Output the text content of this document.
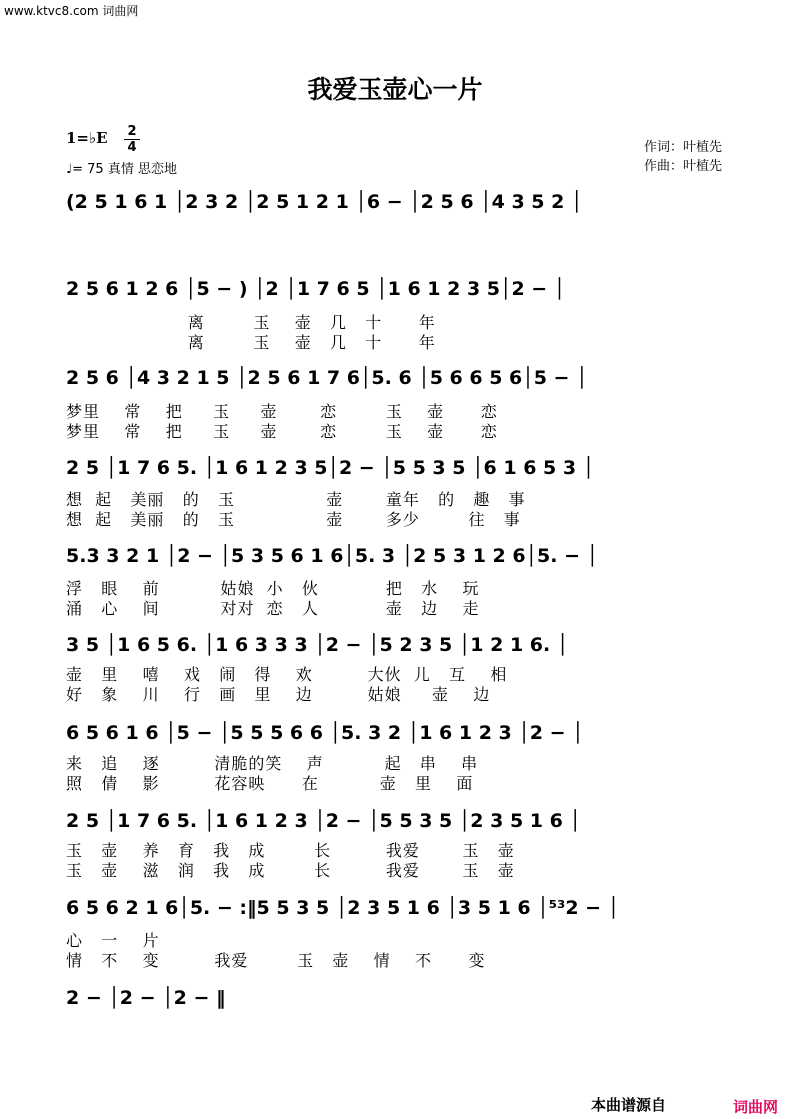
www.ktvc8.com 词曲网
我爱玉壶心一片
1=♭E 2
4
♩= 75 真情 思恋地
作词：叶植先
作曲：叶植先
(2 5 1 6 1 │2 3 2 │2 5 1 2 1 │6 − │2 5 6 │4 3 5 2 │
2 5 6 1 2 6 │5 − ) │2 │1 7 6 5 │1 6 1 2 3 5│2 − │
离        玉    壶   几   十      年
离        玉    壶   几   十      年
2 5 6 │4 3 2 1 5 │2 5 6 1 7 6│5. 6 │5 6 6 5 6│5 − │
梦里    常    把     玉     壶       恋        玉    壶      恋
梦里    常    把     玉     壶       恋        玉    壶      恋
2 5 │1 7 6 5. │1 6 1 2 3 5│2 − │5 5 3 5 │6 1 6 5 3 │
想  起   美丽   的   玉               壶       童年   的   趣   事
想  起   美丽   的   玉               壶       多少        往   事
5.3 3 2 1 │2 − │5 3 5 6 1 6│5. 3 │2 5 3 1 2 6│5. − │
浮   眼    前          姑娘  小   伙           把   水    玩
涌   心    间          对对  恋   人           壶   边    走
3 5 │1 6 5 6. │1 6 3 3 3 │2 − │5 2 3 5 │1 2 1 6. │
壶   里    嘻    戏   闹   得    欢         大伙  儿   互    相
好   象    川    行   画   里    边         姑娘     壶    边
6 5 6 1 6 │5 − │5 5 5 6 6 │5. 3 2 │1 6 1 2 3 │2 − │
来   追    逐         清脆的笑    声          起   串    串
照   倩    影         花容映      在          壶   里    面
2 5 │1 7 6 5. │1 6 1 2 3 │2 − │5 5 3 5 │2 3 5 1 6 │
玉   壶    养   育   我   成        长         我爱       玉   壶
玉   壶    滋   润   我   成        长         我爱       玉   壶
6 5 6 2 1 6│5. − :‖5 5 3 5 │2 3 5 1 6 │3 5 1 6 │⁵³2 − │
心   一    片
情   不    变         我爱        玉   壶    情    不      变
2 − │2 − │2 − ‖
本曲谱源自	词曲网
